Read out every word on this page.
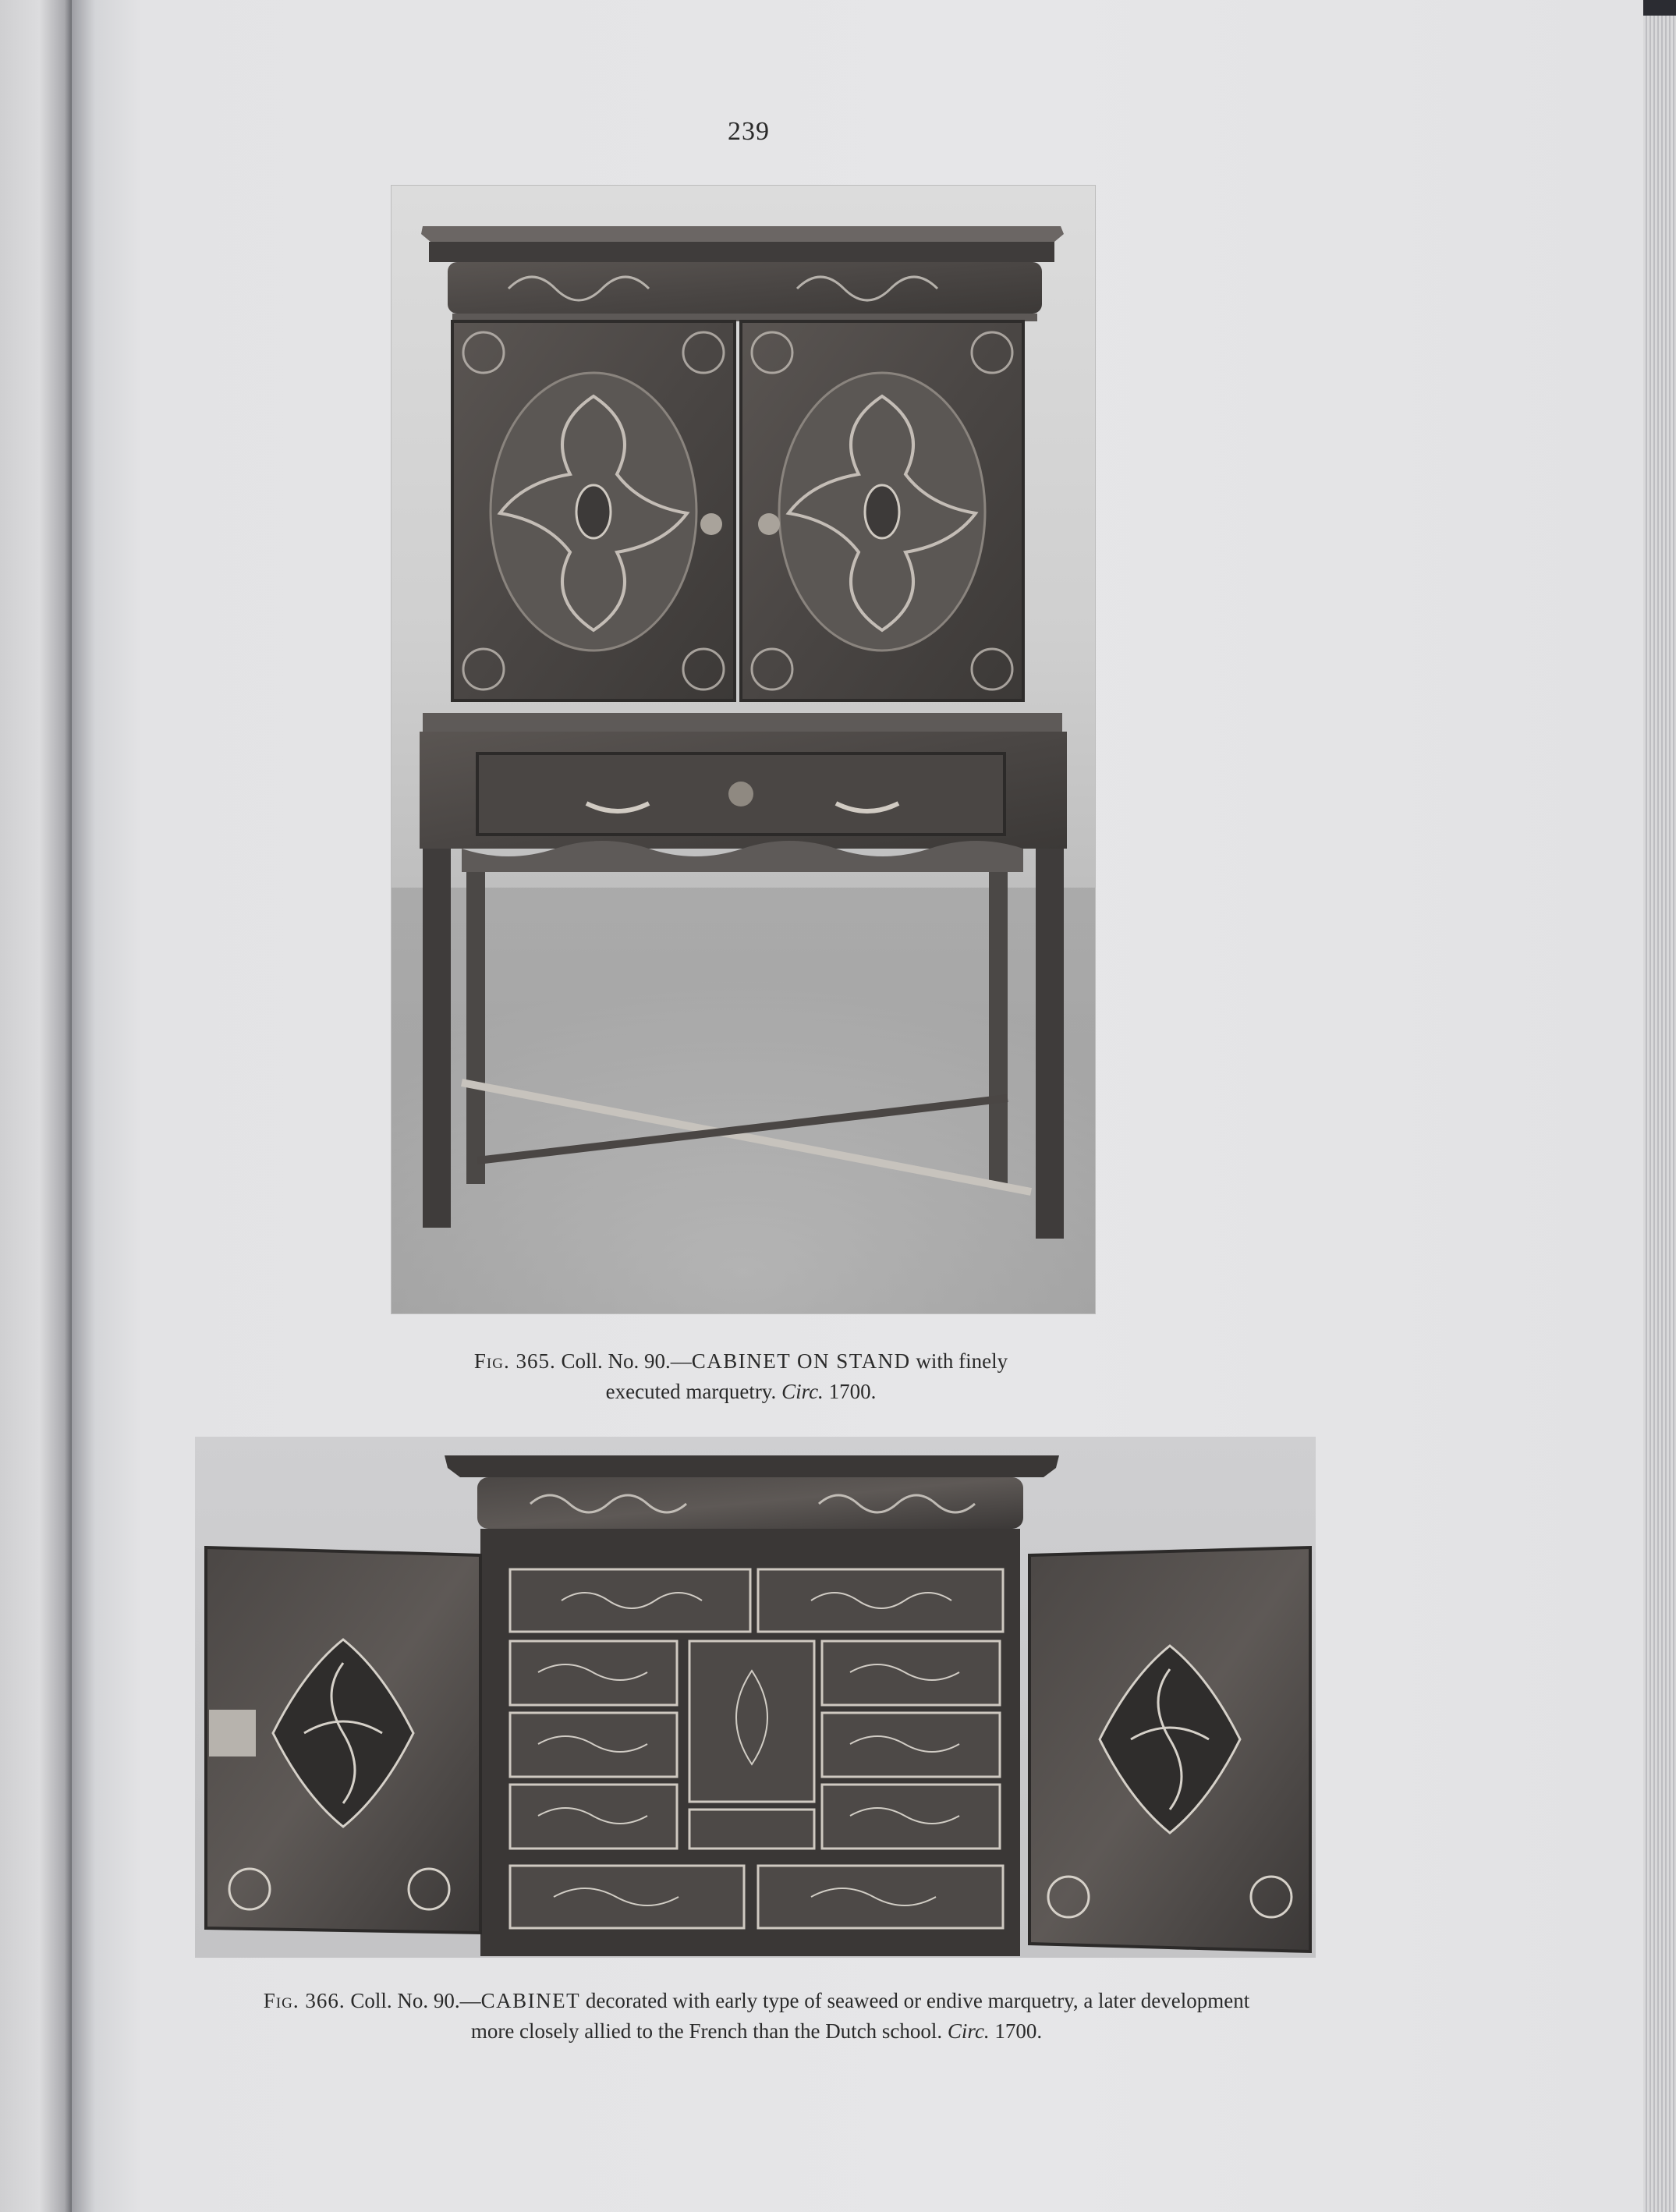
239
Fig. 365. Coll. No. 90.—CABINET ON STAND with finely
executed marquetry. Circ. 1700.
Fig. 366. Coll. No. 90.—CABINET decorated with early type of seaweed or endive marquetry, a later development
more closely allied to the French than the Dutch school. Circ. 1700.
